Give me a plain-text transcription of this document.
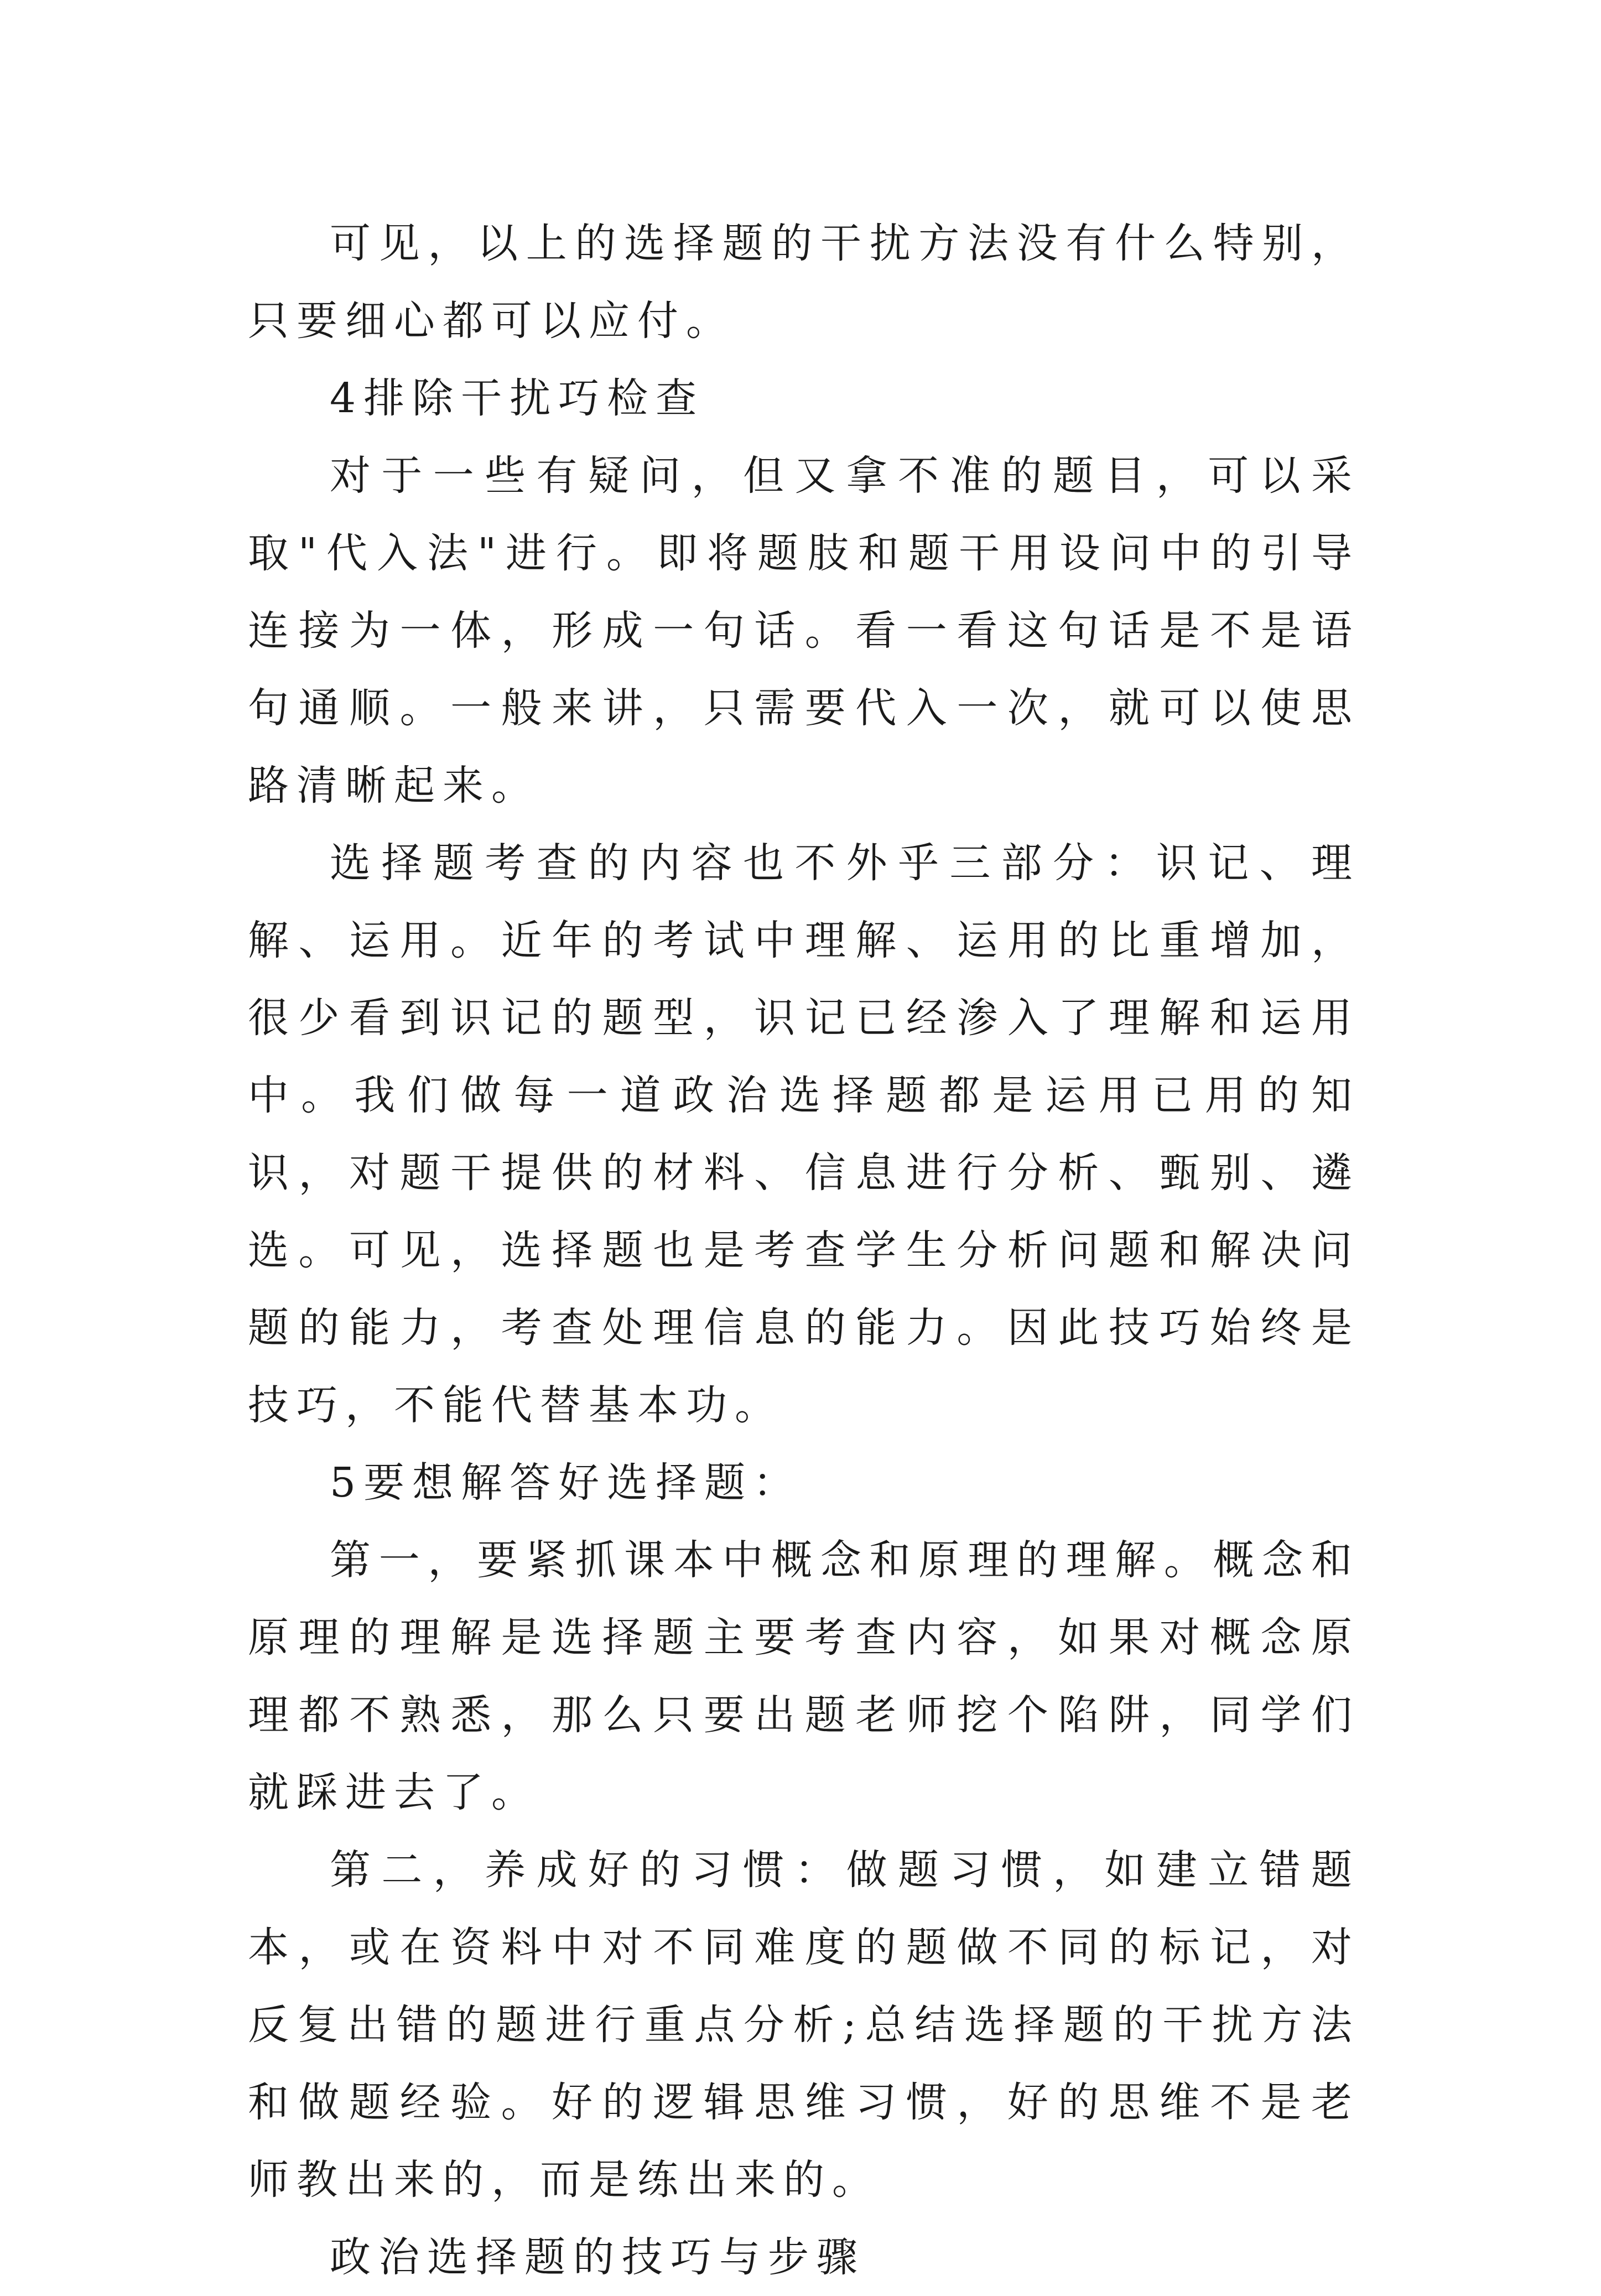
可见，以上的选择题的干扰方法没有什么特别，只要细心都可以应付。

4排除干扰巧检查

对于一些有疑问，但又拿不准的题目，可以采取"代入法"进行。即将题肢和题干用设问中的引导连接为一体，形成一句话。看一看这句话是不是语句通顺。一般来讲，只需要代入一次，就可以使思路清晰起来。

选择题考查的内容也不外乎三部分：识记、理解、运用。近年的考试中理解、运用的比重增加，很少看到识记的题型，识记已经渗入了理解和运用中。我们做每一道政治选择题都是运用已用的知识，对题干提供的材料、信息进行分析、甄别、遴选。可见，选择题也是考查学生分析问题和解决问题的能力，考查处理信息的能力。因此技巧始终是技巧，不能代替基本功。

5要想解答好选择题：

第一，要紧抓课本中概念和原理的理解。概念和原理的理解是选择题主要考查内容，如果对概念原理都不熟悉，那么只要出题老师挖个陷阱，同学们就踩进去了。

第二，养成好的习惯：做题习惯，如建立错题本，或在资料中对不同难度的题做不同的标记，对反复出错的题进行重点分析;总结选择题的干扰方法和做题经验。好的逻辑思维习惯，好的思维不是老师教出来的，而是练出来的。

政治选择题的技巧与步骤
